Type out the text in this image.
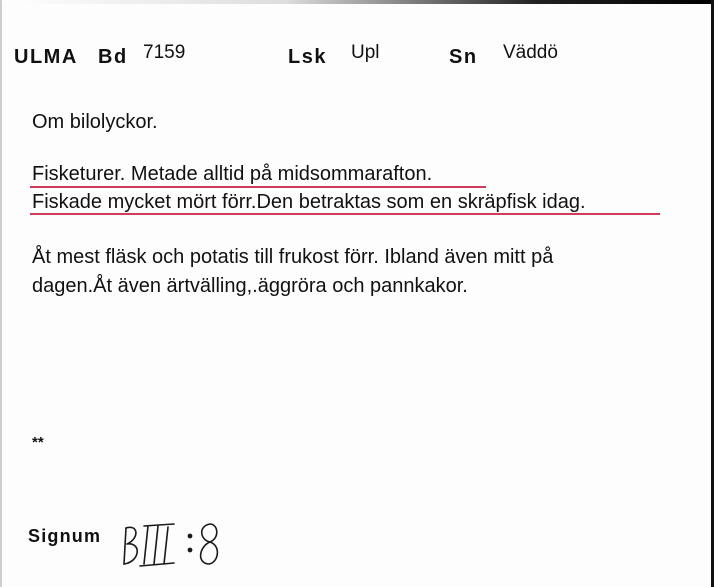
ULMA Bd 7159	Lsk Upl	Sn Väddö
Om bilolyckor.
Fisketurer. Metade alltid på midsommarafton.
Fiskade mycket mört förr.Den betraktas som en skräpfisk idag.
Åt mest fläsk och potatis till frukost förr. Ibland även mitt på
dagen.Åt även ärtvälling,.äggröra och pannkakor.
**
Signum
